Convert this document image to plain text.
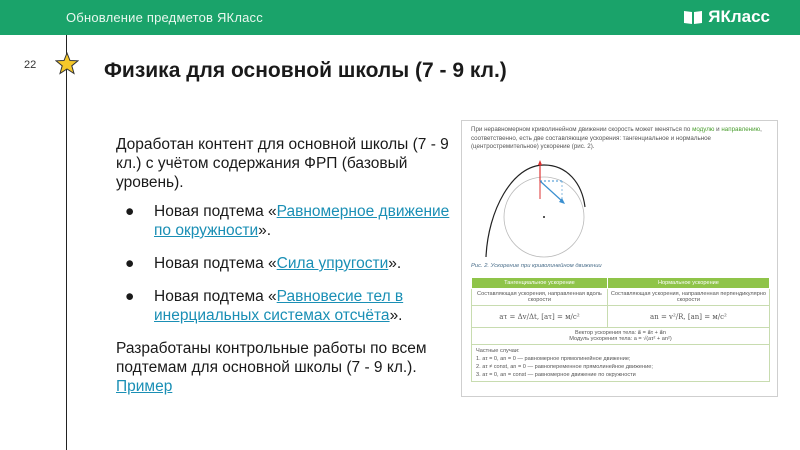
Обновление предметов ЯКласс	ЯКласс
22	Физика для основной школы (7 - 9 кл.)

Доработан контент для основной школы (7 - 9 кл.) с учётом содержания ФРП (базовый уровень).

● Новая подтема «Равномерное движение по окружности».
● Новая подтема «Сила упругости».
● Новая подтема «Равновесие тел в инерциальных системах отсчёта».

Разработаны контрольные работы по всем подтемам для основной школы (7 - 9 кл.). Пример

При неравномерном криволинейном движении скорость может меняться по модулю и направлению, соответственно, есть две составляющие ускорения: тангенциальное и нормальное (центростремительное) ускорение (рис. 2).
Рис. 2. Ускорение при криволинейном движении
Тангенциальное ускорение	Нормальное ускорение
Составляющая ускорения, направленная вдоль скорости	Составляющая ускорения, направленная перпендикулярно скорости
aτ = Δv/Δt, [aτ] = м/с²	an = v²/R, [an] = м/с²

Вектор ускорения тела: a⃗ = a⃗τ + a⃗n
Модуль ускорения тела: a = √(aτ² + an²)	

Частные случаи:
1. aτ = 0, an = 0 — равномерное прямолинейное движение;
2. aτ ≠ const, an = 0 — равнопеременное прямолинейное движение;
3. aτ = 0, an = const — равномерное движение по окружности	
